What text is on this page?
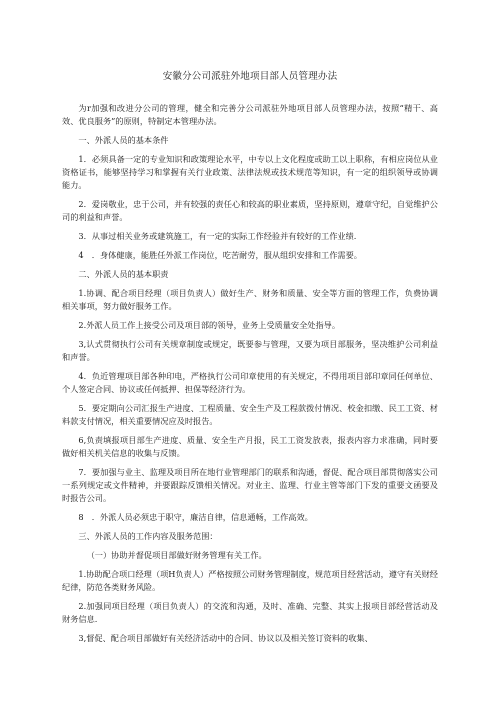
安徽分公司派驻外地项目部人员管理办法

为r加强和改进分公司的管理，健全和完善分公司派驻外地项目部人员管理办法，按照“精干、高效、优良服务”的原则，特制定本管理办法。

一、外派人员的基本条件

1．必须具备一定的专业知识和政策理论水平，中专以上文化程度或助工以上职称，有相应岗位从业资格证书，能够坚持学习和掌握有关行业政策、法律法规或技术规范等知识，有一定的组织领导或协调能力。

2．爱岗敬业，忠于公司，并有较强的责任心和较高的职业素质，坚持原则，遵章守纪，自觉维护公司的利益和声誉。

3．从事过相关业务或建筑施工，有一定的实际工作经验并有较好的工作业绩.

4　．身体健康，能胜任外派工作岗位，吃苦耐劳，服从组织安排和工作需要。

二、外派人员的基本职责

1.协调、配合项目经理（项目负责人）做好生产、财务和质量、安全等方面的管理工作，负费协调相关事项，努力做好服务工作。

2.外派人员工作上接受公司及项目部的领导，业务上受质量安全处指导。

3,认式贯彻执行公司有关规章制度或规定，既要参与管理，又要为项目部服务，坚决维护公司利益和声誉。

4．负近管理项目部各种印电，严格执行公司印章使用的有关规定，不得用项目部印章同任何单位、个人签定合同、协议或任何抵押、担保等经济行为。

5．要定期向公司汇报生产进度、工程质量、安全生产及工程款拨付情况、校金扣缴、民工工资、材料款支付情况，相关重要情况应及时报告。

6,负责填报项目部生产进度、质量、安全生产月报，民工工资发放表，报表内容力求准确，同时要做好相关机关信息的收集与反馈。

7．要加强与业主、监理及项目所在地行业管理部门的联系和沟通，督促、配合项目部贯彻落实公司一系列规定或文件精神，并要跟踪反馈相关情况。对业主、监理、行业主管等部门下发的重要文函要及时报告公司。

8　．外派人员必须忠于职守，廉洁自律，信息通畅，工作高效。

三、外派人员的工作内容及服务范围：

（一）协助并督促项目部做好财务管理有关工作。

1.协助配合项口经理（项H负责人）严格按照公司财务管理制度，规范项目经营活动，遵守有关财经纪律，防范各类财务风险。

2.加强同项目经理（项目负责人）的交流和沟通，及时、准确、完整、其实上报项目部经营活动及财务信息.

3,督促、配合项目部做好有关经济活动中的合同、协议以及相关签订资料的收集、
